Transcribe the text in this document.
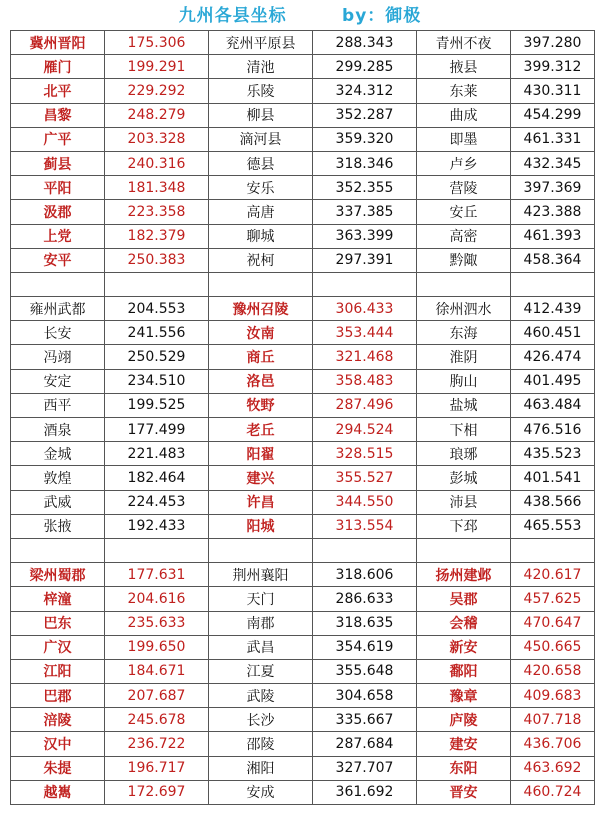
九州各县坐标	by：御极
冀州晋阳	175.306	兖州平原县	288.343	青州不夜	397.280
雁门	199.291	清池	299.285	掖县	399.312
北平	229.292	乐陵	324.312	东莱	430.311
昌黎	248.279	柳县	352.287	曲成	454.299
广平	203.328	滴河县	359.320	即墨	461.331
蓟县	240.316	德县	318.346	卢乡	432.345
平阳	181.348	安乐	352.355	营陵	397.369
汲郡	223.358	高唐	337.385	安丘	423.388
上党	182.379	聊城	363.399	高密	461.393
安平	250.383	祝柯	297.391	黔陬	458.364

雍州武都	204.553	豫州召陵	306.433	徐州泗水	412.439
长安	241.556	汝南	353.444	东海	460.451
冯翊	250.529	商丘	321.468	淮阴	426.474
安定	234.510	洛邑	358.483	朐山	401.495
西平	199.525	牧野	287.496	盐城	463.484
酒泉	177.499	老丘	294.524	下相	476.516
金城	221.483	阳翟	328.515	琅琊	435.523
敦煌	182.464	建兴	355.527	彭城	401.541
武威	224.453	许昌	344.550	沛县	438.566
张掖	192.433	阳城	313.554	下邳	465.553

梁州蜀郡	177.631	荆州襄阳	318.606	扬州建邺	420.617
梓潼	204.616	天门	286.633	吴郡	457.625
巴东	235.633	南郡	318.635	会稽	470.647
广汉	199.650	武昌	354.619	新安	450.665
江阳	184.671	江夏	355.648	鄱阳	420.658
巴郡	207.687	武陵	304.658	豫章	409.683
涪陵	245.678	长沙	335.667	庐陵	407.718
汉中	236.722	邵陵	287.684	建安	436.706
朱提	196.717	湘阳	327.707	东阳	463.692
越嶲	172.697	安成	361.692	晋安	460.724
